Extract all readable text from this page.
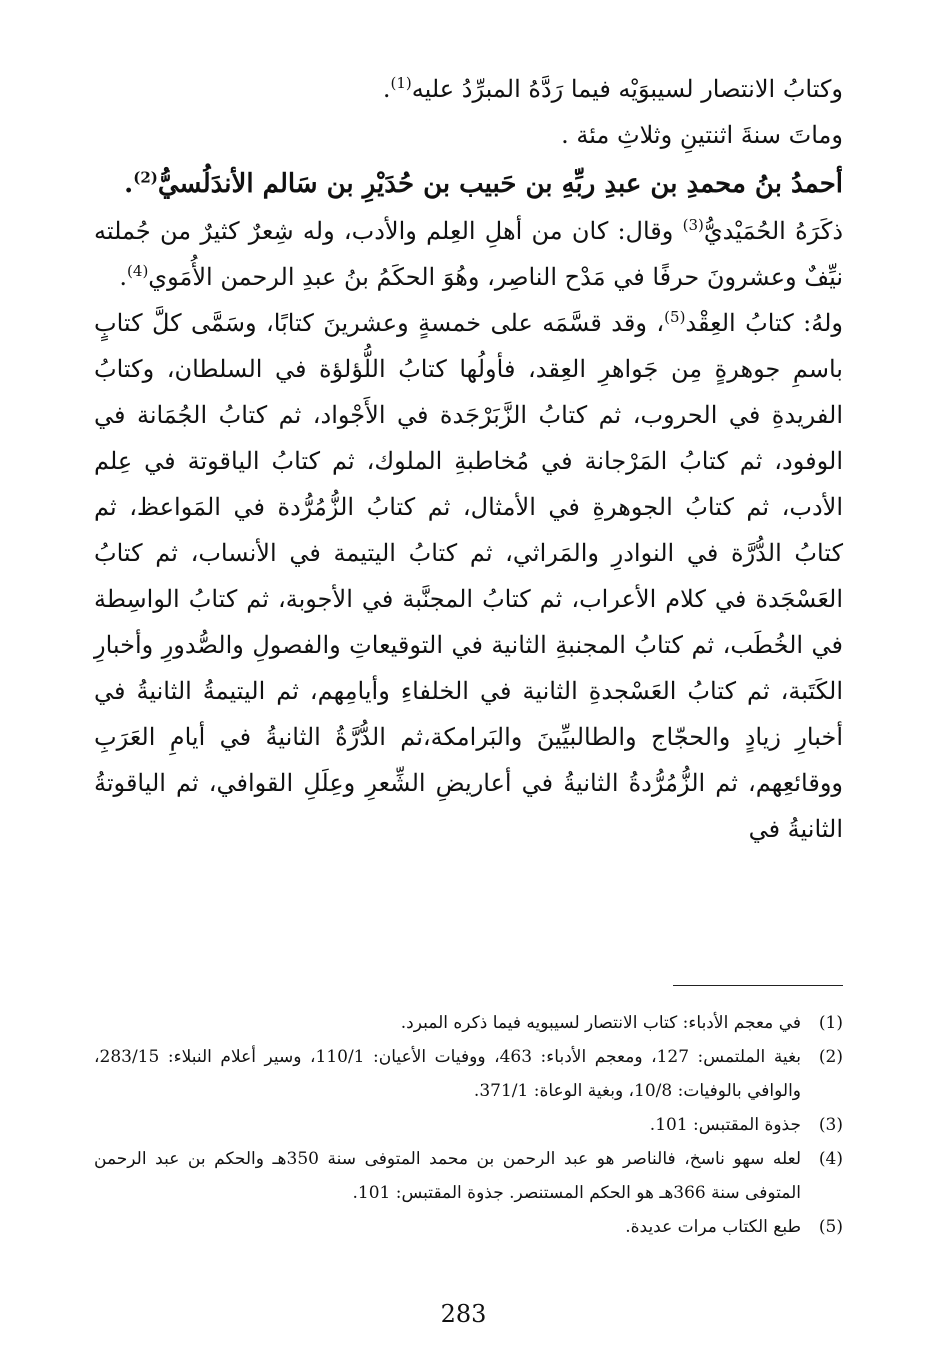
وكتابُ الانتصار لسيبوَيْه فيما رَدَّهُ المبرِّدُ عليه$^{(1)}$.

وماتَ سنةَ اثنتينِ وثلاثِ مئة .

أحمدُ بنُ محمدِ بن عبدِ ربِّهِ بن حَبيب بن حُدَيْرِ بن سَالم الأندَلُسيُّ$^{(2)}$.

ذكَرَهُ الحُمَيْديُّ$^{(3)}$ وقال: كان من أهلِ العِلم والأدب، وله شِعرٌ كثيرٌ من جُملته نيِّفٌ وعشرونَ حرفًا في مَدْح الناصِر، وهُوَ الحكَمُ بنُ عبدِ الرحمن الأُمَوي$^{(4)}$.

ولهُ: كتابُ العِقْد$^{(5)}$، وقد قسَّمَه على خمسةٍ وعشرينَ كتابًا، وسَمَّى كلَّ كتابٍ باسمِ جوهرةٍ مِن جَواهرِ العِقد، فأولُها كتابُ اللُّؤلؤة في السلطان، وكتابُ الفريدةِ في الحروب، ثم كتابُ الزَّبَرْجَدة في الأَجْواد، ثم كتابُ الجُمَانة في الوفود، ثم كتابُ المَرْجانة في مُخاطبةِ الملوك، ثم كتابُ الياقوتة في عِلم الأدب، ثم كتابُ الجوهرةِ في الأمثال، ثم كتابُ الزُّمُرُّدة في المَواعظ، ثم كتابُ الدُّرَّة في النوادرِ والمَراثي، ثم كتابُ اليتيمة في الأنساب، ثم كتابُ العَسْجَدة في كلام الأعراب، ثم كتابُ المجنَّبة في الأجوبة، ثم كتابُ الواسِطة في الخُطَب، ثم كتابُ المجنبةِ الثانية في التوقيعاتِ والفصولِ والصُّدورِ وأخبارِ الكَتَبة، ثم كتابُ العَسْجدةِ الثانية في الخلفاءِ وأيامِهم، ثم اليتيمةُ الثانيةُ في أخبارِ زيادٍ والحجّاج والطالبيِّينَ والبَرامكة،ثم الدُّرَّةُ الثانيةُ في أيامِ العَرَبِ ووقائعِهم، ثم الزُّمُرُّدةُ الثانيةُ في أعاريضِ الشِّعرِ وعِلَلِ القوافي، ثم الياقوتةُ الثانيةُ في

(1)
في معجم الأدباء: كتاب الانتصار لسيبويه فيما ذكره المبرد.
(2)
بغية الملتمس: 127، ومعجم الأدباء: 463، ووفيات الأعيان: 110/1، وسير أعلام النبلاء: 283/15، والوافي بالوفيات: 10/8، وبغية الوعاة: 371/1.
(3)
جذوة المقتبس: 101.
(4)
لعله سهو ناسخ، فالناصر هو عبد الرحمن بن محمد المتوفى سنة 350هـ والحكم بن عبد الرحمن المتوفى سنة 366هـ هو الحكم المستنصر. جذوة المقتبس: 101.
(5)
طبع الكتاب مرات عديدة.
283
